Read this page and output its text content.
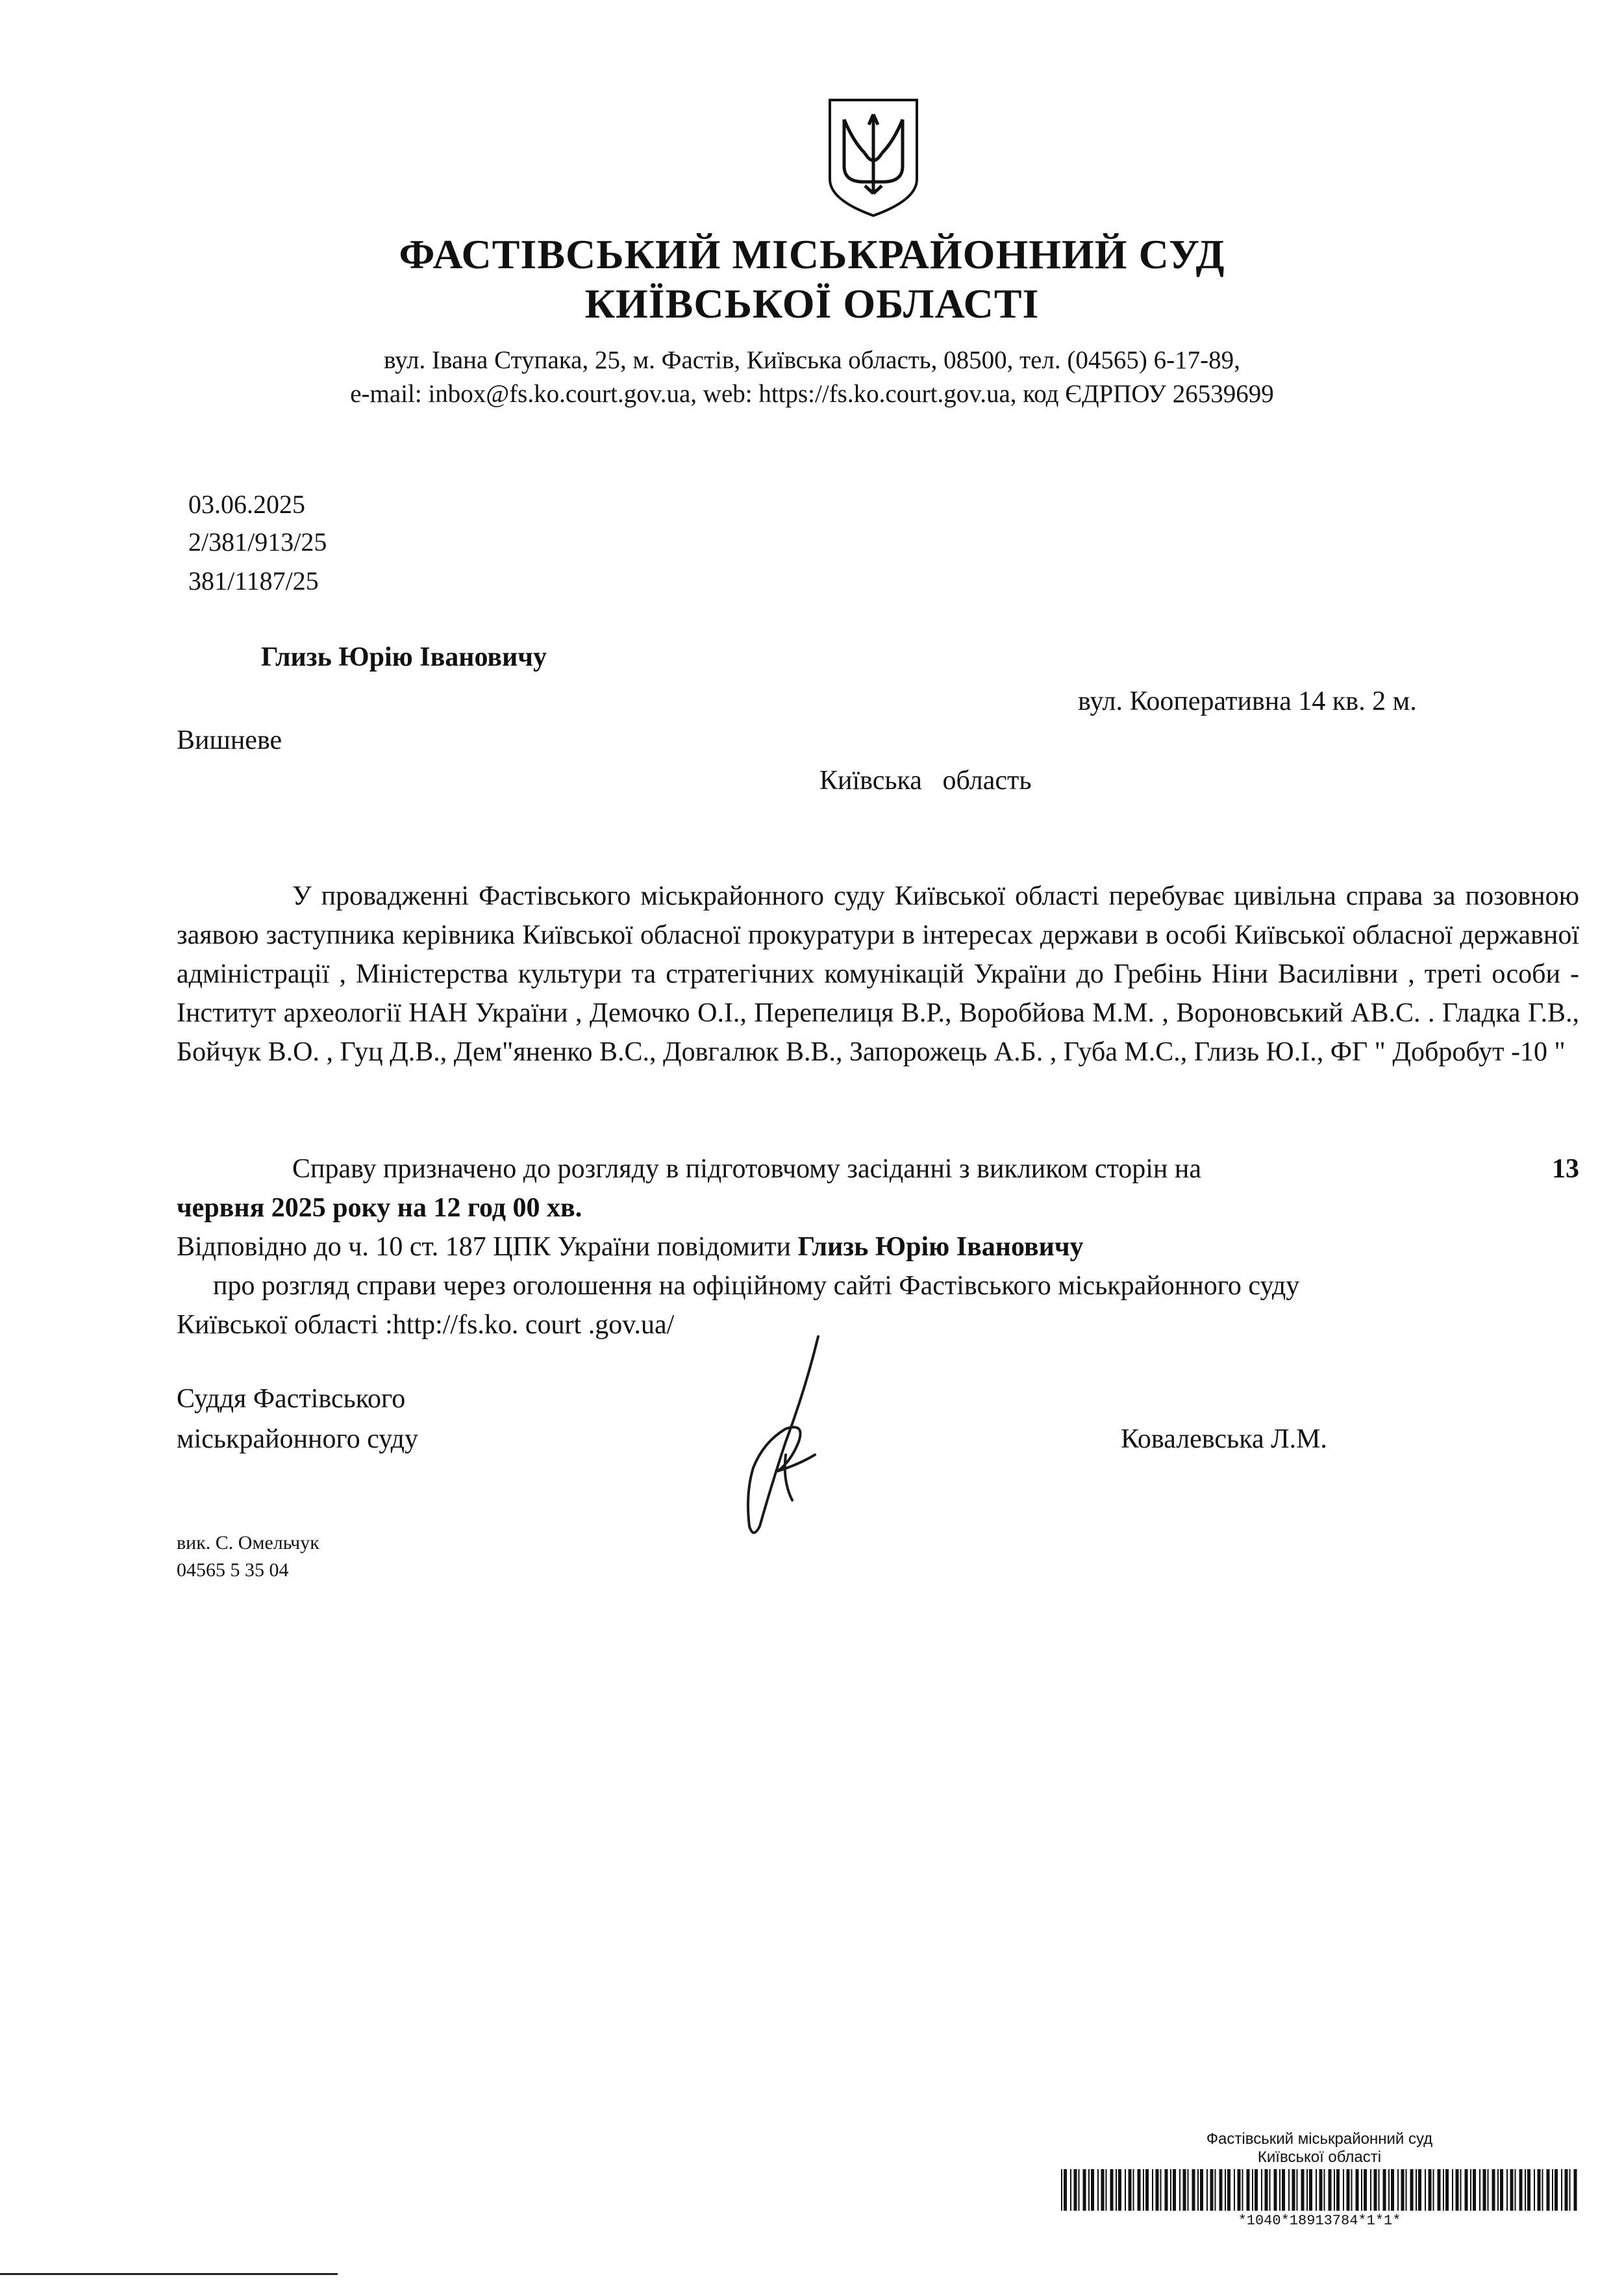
ФАСТІВСЬКИЙ МІСЬКРАЙОННИЙ СУД
КИЇВСЬКОЇ ОБЛАСТІ
вул. Івана Ступака, 25, м. Фастів, Київська область, 08500, тел. (04565) 6-17-89,
e-mail: inbox@fs.ko.court.gov.ua, web: https://fs.ko.court.gov.ua, код ЄДРПОУ 26539699
03.06.2025
2/381/913/25
381/1187/25
Глизь Юрію Івановичу
вул. Кооперативна 14 кв. 2 м.
Вишневе
Київська   область
У провадженні Фастівського міськрайонного суду Київської області перебуває цивільна справа за позовною заявою заступника керівника Київської обласної прокуратури в інтересах держави в особі Київської обласної державної адміністрації , Міністерства культури та стратегічних комунікацій України до Гребінь Ніни Василівни , треті особи - Інститут археології НАН України , Демочко О.І., Перепелиця В.Р., Воробйова М.М. , Вороновський АВ.С. . Гладка Г.В., Бойчук В.О. , Гуц Д.В., Дем"яненко В.С., Довгалюк В.В., Запорожець А.Б. , Губа М.С., Глизь Ю.І., ФГ " Добробут -10 "
Справу призначено до розгляду в підготовчому засіданні з викликом сторін на	13
червня 2025 року на 12 год 00 хв.
Відповідно до ч. 10 ст. 187 ЦПК України повідомити Глизь Юрію Івановичу
про розгляд справи через оголошення на офіційному сайті Фастівського міськрайонного суду
Київської області :http://fs.ko. court .gov.ua/
Суддя Фастівського
міськрайонного суду	Ковалевська Л.М.
вик. С. Омельчук
04565 5 35 04
Фастівський міськрайонний суд
Київської області
*1040*18913784*1*1*
